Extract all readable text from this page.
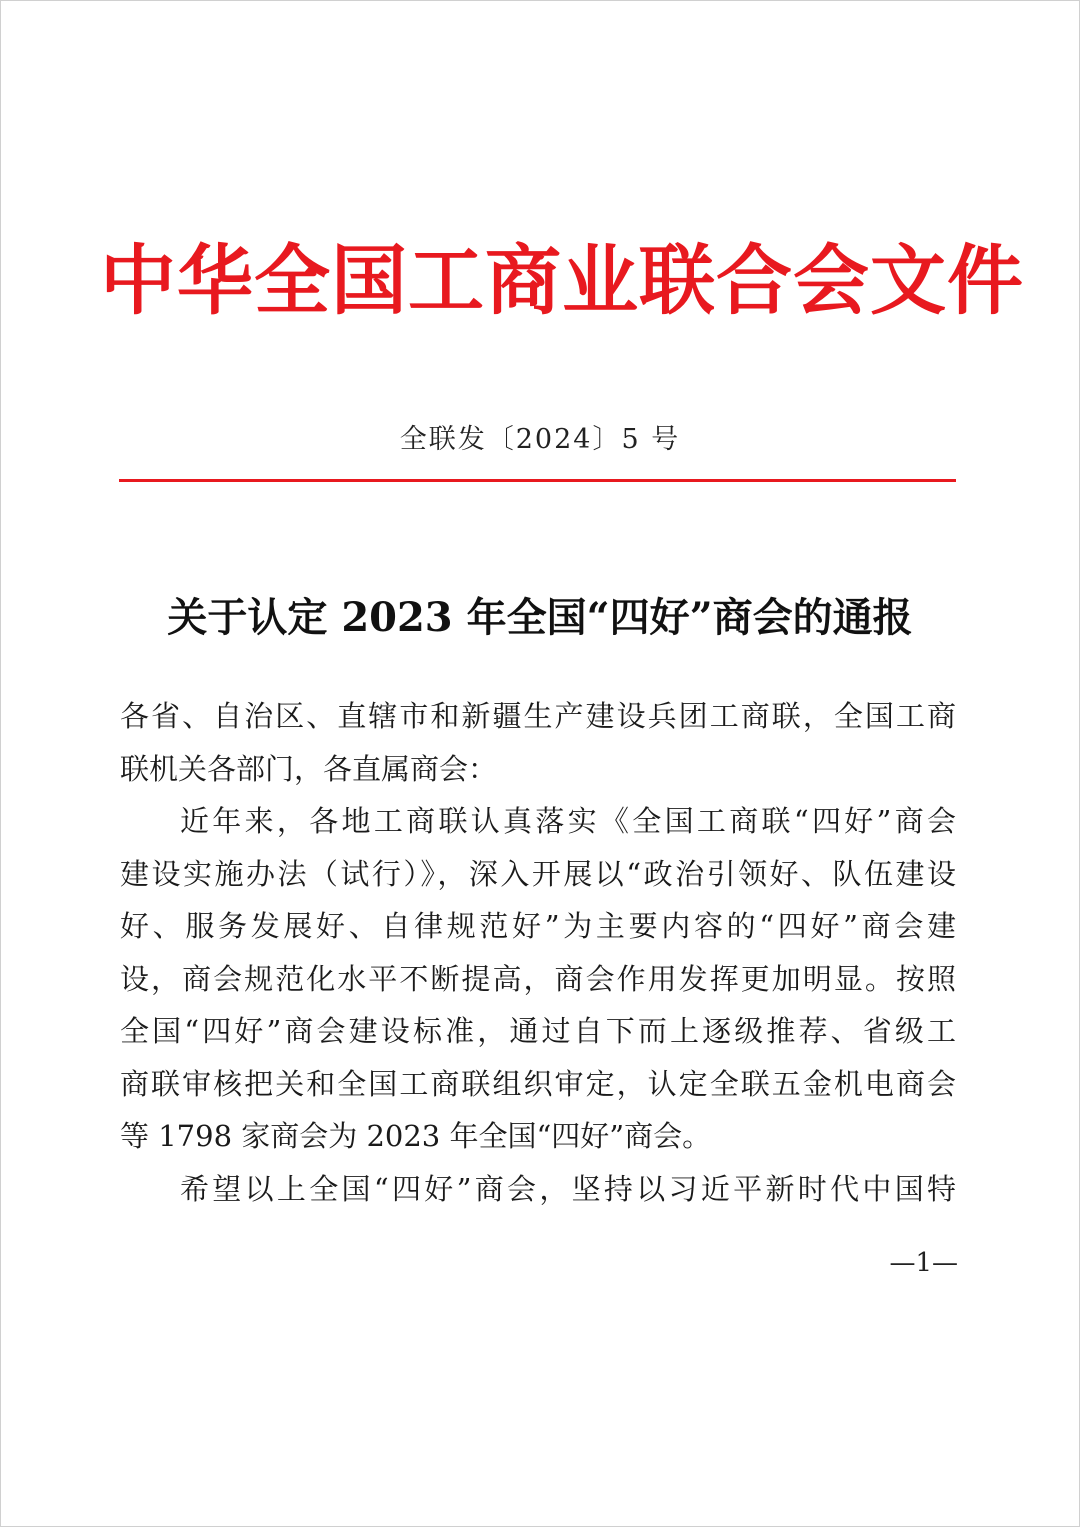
中华全国工商业联合会文件
全联发〔2024〕5 号
关于认定 2023 年全国“四好”商会的通报

各省、自治区、直辖市和新疆生产建设兵团工商联，全国工商
联机关各部门，各直属商会：

近年来，各地工商联认真落实《全国工商联“四好”商会
建设实施办法（试行）》，深入开展以“政治引领好、队伍建设
好、服务发展好、自律规范好”为主要内容的“四好”商会建
设，商会规范化水平不断提高，商会作用发挥更加明显。按照
全国“四好”商会建设标准，通过自下而上逐级推荐、省级工
商联审核把关和全国工商联组织审定，认定全联五金机电商会
等 1798 家商会为 2023 年全国“四好”商会。

希望以上全国“四好”商会，坚持以习近平新时代中国特

—1—
